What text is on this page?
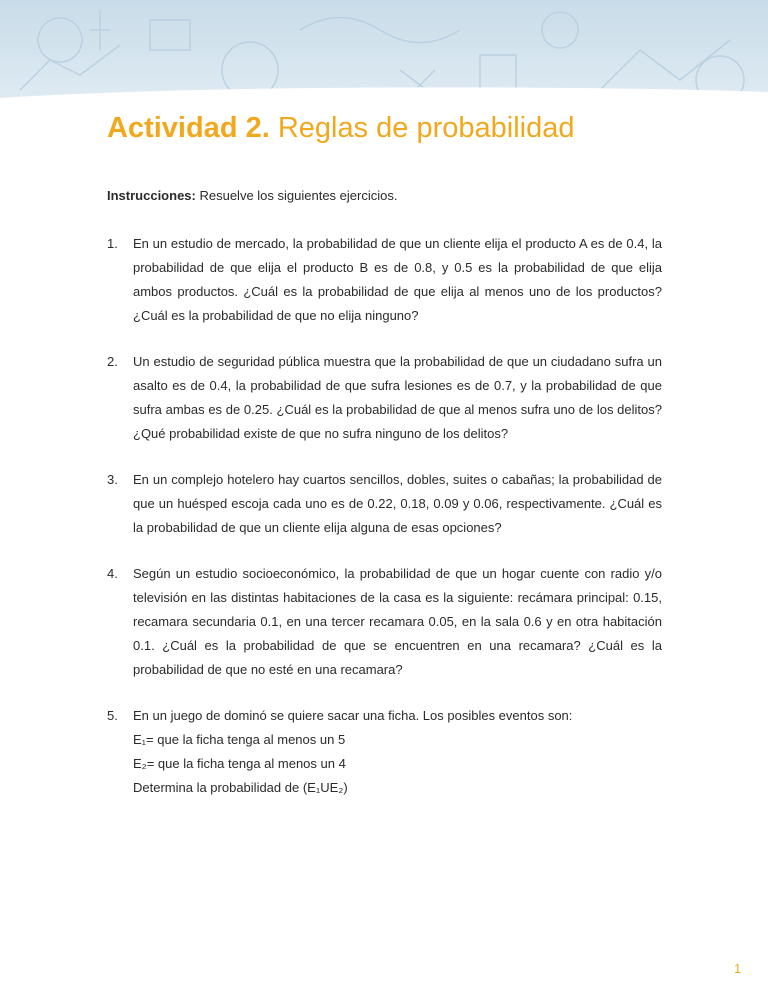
Actividad 2. Reglas de probabilidad
Instrucciones: Resuelve los siguientes ejercicios.
1. En un estudio de mercado, la probabilidad de que un cliente elija el producto A es de 0.4, la probabilidad de que elija el producto B es de 0.8, y 0.5 es la probabilidad de que elija ambos productos. ¿Cuál es la probabilidad de que elija al menos uno de los productos? ¿Cuál es la probabilidad de que no elija ninguno?
2. Un estudio de seguridad pública muestra que la probabilidad de que un ciudadano sufra un asalto es de 0.4, la probabilidad de que sufra lesiones es de 0.7, y la probabilidad de que sufra ambas es de 0.25. ¿Cuál es la probabilidad de que al menos sufra uno de los delitos? ¿Qué probabilidad existe de que no sufra ninguno de los delitos?
3. En un complejo hotelero hay cuartos sencillos, dobles, suites o cabañas; la probabilidad de que un huésped escoja cada uno es de 0.22, 0.18, 0.09 y 0.06, respectivamente. ¿Cuál es la probabilidad de que un cliente elija alguna de esas opciones?
4. Según un estudio socioeconómico, la probabilidad de que un hogar cuente con radio y/o televisión en las distintas habitaciones de la casa es la siguiente: recámara principal: 0.15, recamara secundaria 0.1, en una tercer recamara 0.05, en la sala 0.6 y en otra habitación 0.1. ¿Cuál es la probabilidad de que se encuentren en una recamara? ¿Cuál es la probabilidad de que no esté en una recamara?
5. En un juego de dominó se quiere sacar una ficha. Los posibles eventos son:
E₁= que la ficha tenga al menos un 5
E₂= que la ficha tenga al menos un 4
Determina la probabilidad de (E₁UE₂)
1
